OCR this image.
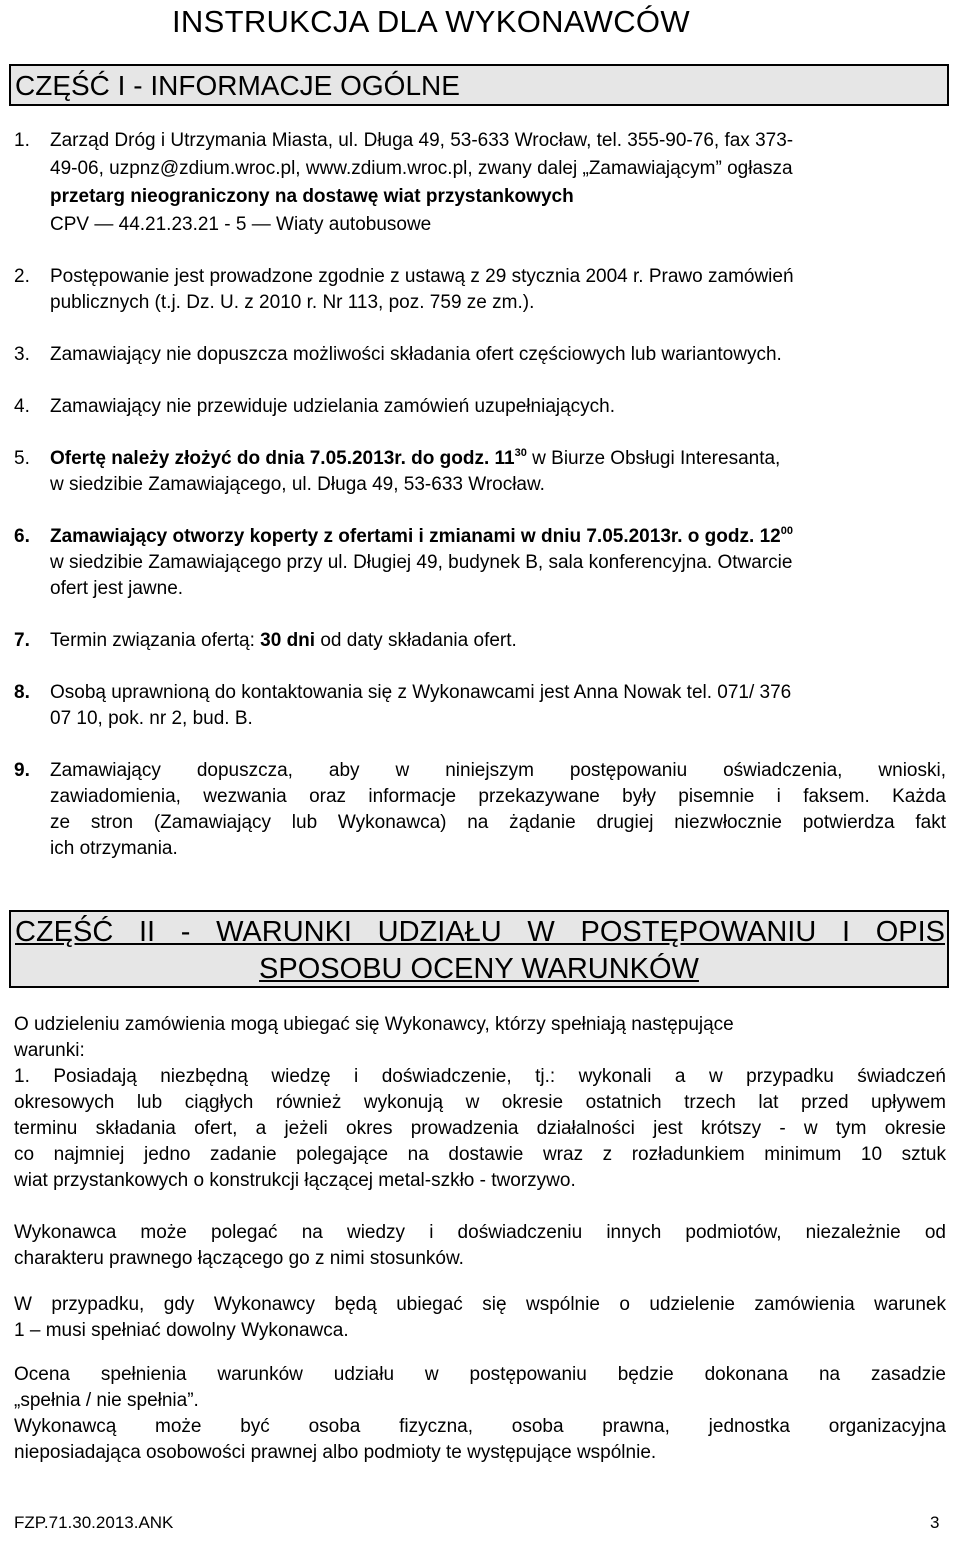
INSTRUKCJA DLA WYKONAWCÓW
CZĘŚĆ I - INFORMACJE OGÓLNE
1. Zarząd Dróg i Utrzymania Miasta, ul. Długa 49, 53-633 Wrocław, tel. 355-90-76, fax 373-
49-06, uzpnz@zdium.wroc.pl, www.zdium.wroc.pl, zwany dalej „Zamawiającym” ogłasza
przetarg nieograniczony na dostawę wiat przystankowych
CPV — 44.21.23.21 - 5 — Wiaty autobusowe
2. Postępowanie jest prowadzone zgodnie z ustawą z 29 stycznia 2004 r. Prawo zamówień
publicznych (t.j. Dz. U. z 2010 r. Nr 113, poz. 759 ze zm.).
3. Zamawiający nie dopuszcza możliwości składania ofert częściowych lub wariantowych.
4. Zamawiający nie przewiduje udzielania zamówień uzupełniających.
5. Ofertę należy złożyć do dnia 7.05.2013r. do godz. $11^{30}$ w Biurze Obsługi Interesanta,
w siedzibie Zamawiającego, ul. Długa 49, 53-633 Wrocław.
6. Zamawiający otworzy koperty z ofertami i zmianami w dniu 7.05.2013r. o godz. $12^{00}$
w siedzibie Zamawiającego przy ul. Długiej 49, budynek B, sala konferencyjna. Otwarcie
ofert jest jawne.
7. Termin związania ofertą: 30 dni od daty składania ofert.
8. Osobą uprawnioną do kontaktowania się z Wykonawcami jest Anna Nowak tel. 071/ 376
07 10, pok. nr 2, bud. B.
9. Zamawiający dopuszcza, aby w niniejszym postępowaniu oświadczenia, wnioski,
zawiadomienia, wezwania oraz informacje przekazywane były pisemnie i faksem. Każda
ze stron (Zamawiający lub Wykonawca) na żądanie drugiej niezwłocznie potwierdza fakt
ich otrzymania.
CZĘŚĆ II - WARUNKI UDZIAŁU W POSTĘPOWANIU I OPIS
SPOSOBU OCENY WARUNKÓW
O udzieleniu zamówienia mogą ubiegać się Wykonawcy, którzy spełniają następujące
warunki:
1. Posiadają niezbędną wiedzę i doświadczenie, tj.: wykonali a w przypadku świadczeń
okresowych lub ciągłych również wykonują w okresie ostatnich trzech lat przed upływem
terminu składania ofert, a jeżeli okres prowadzenia działalności jest krótszy - w tym okresie
co najmniej jedno zadanie polegające na dostawie wraz z rozładunkiem minimum 10 sztuk
wiat przystankowych o konstrukcji łączącej metal-szkło - tworzywo.
Wykonawca może polegać na wiedzy i doświadczeniu innych podmiotów, niezależnie od
charakteru prawnego łączącego go z nimi stosunków.
W przypadku, gdy Wykonawcy będą ubiegać się wspólnie o udzielenie zamówienia warunek
1 – musi spełniać dowolny Wykonawca.
Ocena spełnienia warunków udziału w postępowaniu będzie dokonana na zasadzie
„spełnia / nie spełnia”.
Wykonawcą może być osoba fizyczna, osoba prawna, jednostka organizacyjna
nieposiadająca osobowości prawnej albo podmioty te występujące wspólnie.
FZP.71.30.2013.ANK	3
